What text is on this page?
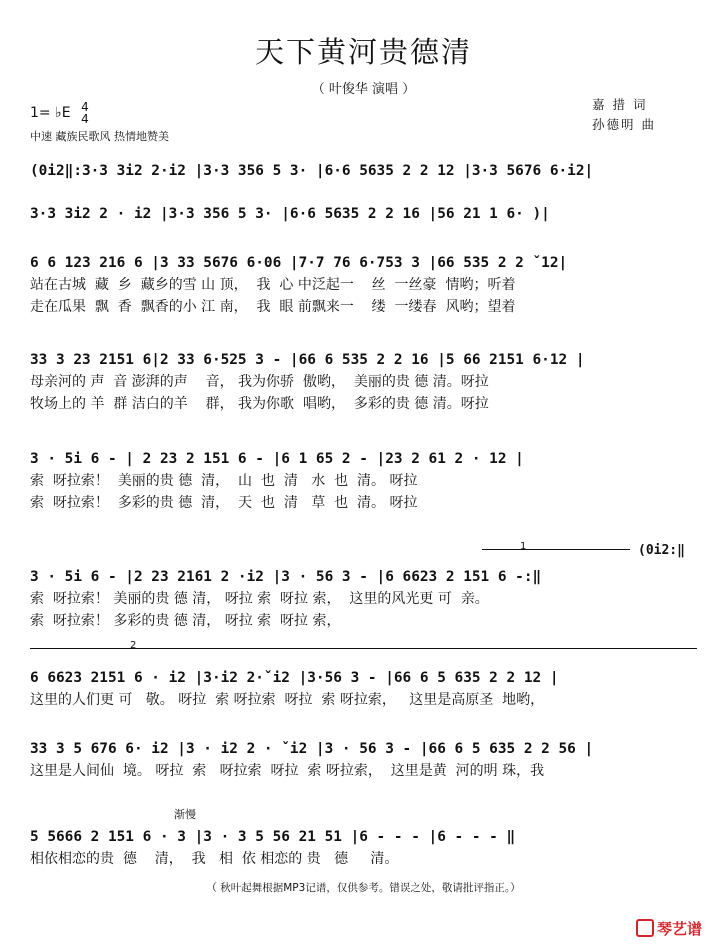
天下黄河贵德清
（ 叶俊华 演唱 ）
1= ♭E 4
4
中速 藏族民歌风 热情地赞美
嘉 措 词
孙德明 曲
(0i2‖:3·3 3i2 2·i2 |3·3 356 5 3· |6·6 5635 2 2 12 |3·3 5676 6·i2|
3·3 3i2 2 · i2 |3·3 356 5 3· |6·6 5635 2 2 16 |56 21 1 6· )|
6 6 123 216 6 |3 33 5676 6·06 |7·7 76 6·753 3 |66 535 2 2 ˇ12|
站在古城  藏  乡  藏乡的雪 山 顶，  我  心 中泛起一    丝  一丝豪  情哟；听着
走在瓜果  飘  香  飘香的小 江 南，  我  眼 前飘来一    缕  一缕春  风哟；望着
33 3 23 2151 6|2 33 6·525 3 - |66 6 535 2 2 16 |5 66 2151 6·12 |
母亲河的 声  音 澎湃的声    音， 我为你骄  傲哟，  美丽的贵 德 清。呀拉
牧场上的 羊  群 洁白的羊    群， 我为你歌  唱哟，  多彩的贵 德 清。呀拉
3 · 5i 6 - | 2 23 2 151 6 - |6 1 65 2 - |23 2 61 2 · 12 |
索  呀拉索！  美丽的贵 德  清，  山  也  清   水  也  清。 呀拉
索  呀拉索！  多彩的贵 德  清，  天  也  清   草  也  清。 呀拉
1	(0i2:‖
3 · 5i 6 - |2 23 2161 2 ·i2 |3 · 56 3 - |6 6623 2 151 6 -:‖
索  呀拉索！ 美丽的贵 德 清， 呀拉 索  呀拉 索，  这里的风光更 可  亲。
索  呀拉索！ 多彩的贵 德 清， 呀拉 索  呀拉 索，
2
6 6623 2151 6 · i2 |3·i2 2·ˇi2 |3·56 3 - |66 6 5 635 2 2 12 |
这里的人们更 可   敬。 呀拉  索 呀拉索  呀拉  索 呀拉索，   这里是高原圣  地哟，
33 3 5 676 6· i2 |3 · i2 2 · ˇi2 |3 · 56 3 - |66 6 5 635 2 2 56 |
这里是人间仙  境。 呀拉  索   呀拉索  呀拉  索 呀拉索，  这里是黄  河的明 珠，我
渐慢
5 5666 2 151 6 · 3 |3 · 3 5 56 21 51 |6 - - - |6 - - - ‖
相依相恋的贵  德    清，  我   相  依 相恋的 贵   德     清。
（ 秋叶起舞根据MP3记谱，仅供参考。错误之处，敬请批评指正。）
琴艺谱
